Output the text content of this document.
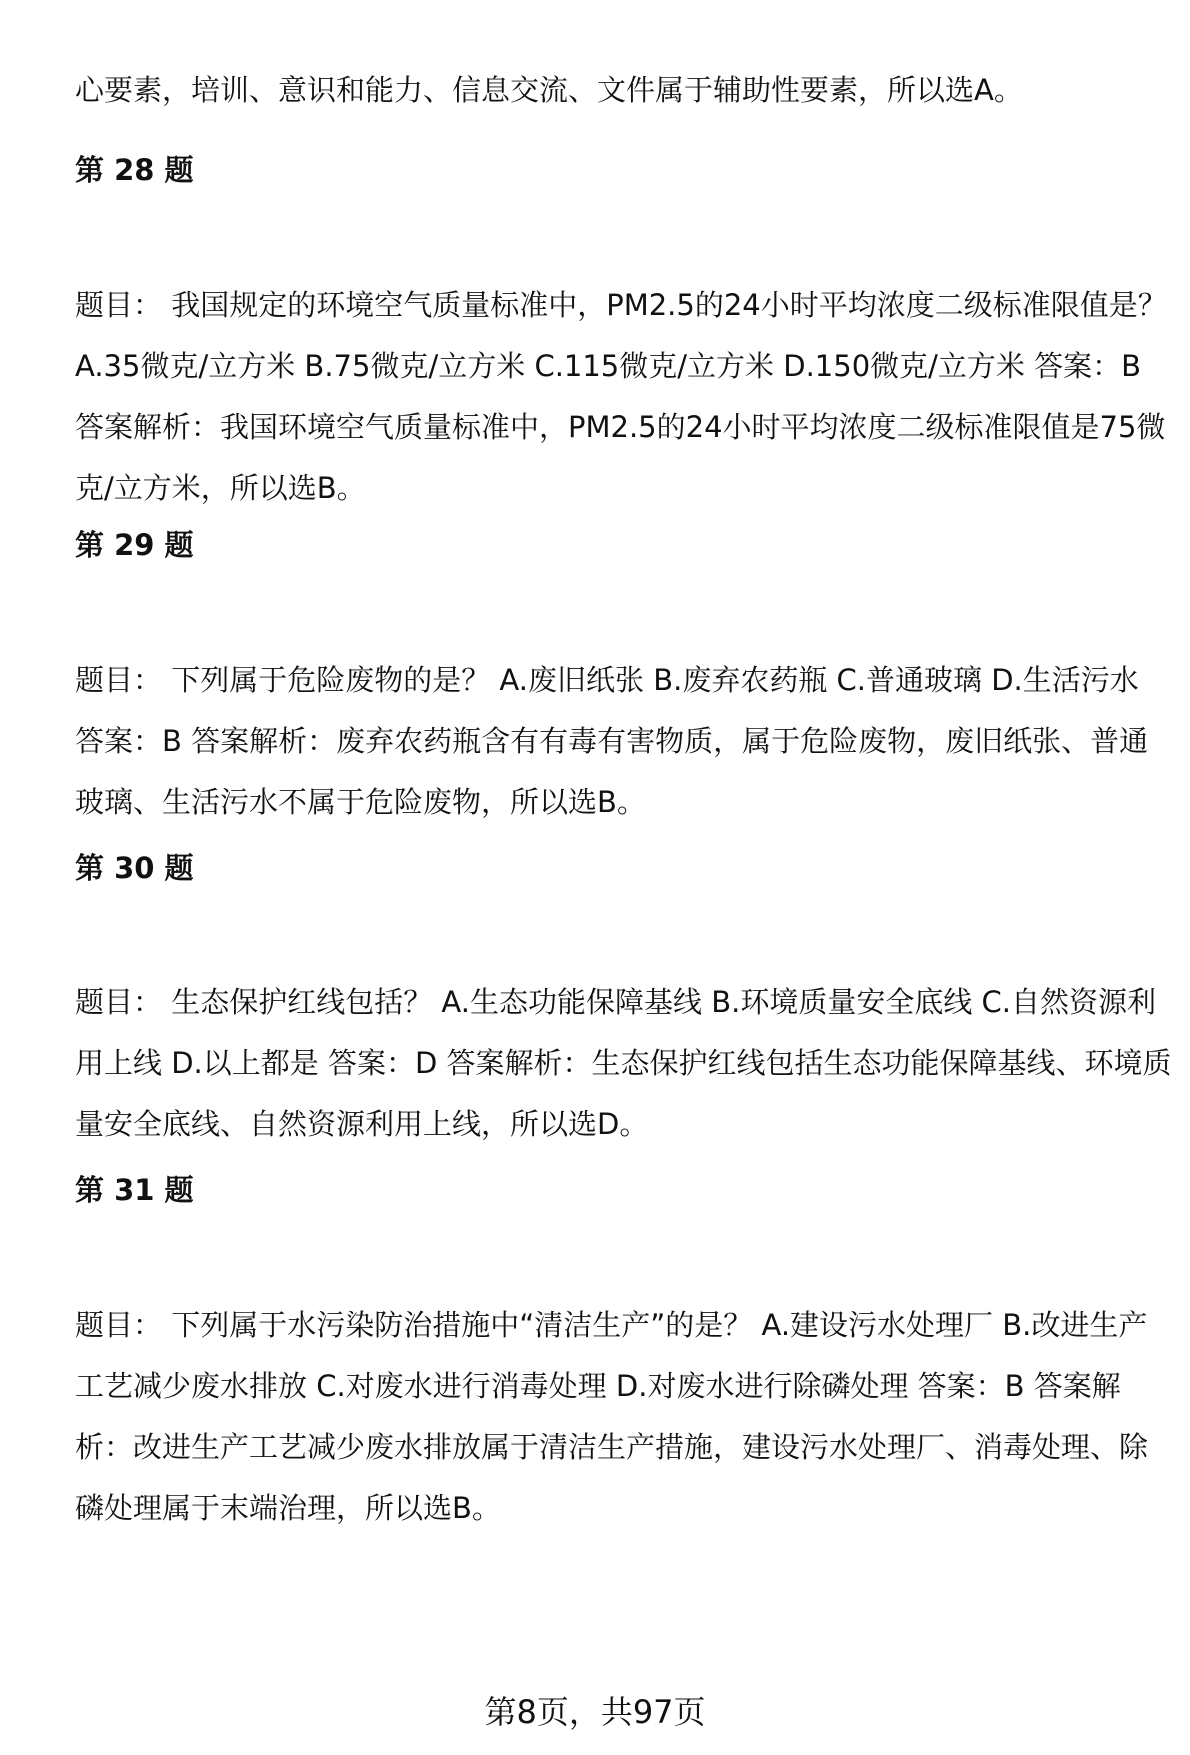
心要素，培训、意识和能力、信息交流、文件属于辅助性要素，所以选A。

第 28 题

题目： 我国规定的环境空气质量标准中，PM2.5的24小时平均浓度二级标准限值是？ A.35微克/立方米 B.75微克/立方米 C.115微克/立方米 D.150微克/立方米 答案：B 答案解析：我国环境空气质量标准中，PM2.5的24小时平均浓度二级标准限值是75微克/立方米，所以选B。

第 29 题

题目： 下列属于危险废物的是？ A.废旧纸张 B.废弃农药瓶 C.普通玻璃 D.生活污水 答案：B 答案解析：废弃农药瓶含有有毒有害物质，属于危险废物，废旧纸张、普通玻璃、生活污水不属于危险废物，所以选B。

第 30 题

题目： 生态保护红线包括？ A.生态功能保障基线 B.环境质量安全底线 C.自然资源利用上线 D.以上都是 答案：D 答案解析：生态保护红线包括生态功能保障基线、环境质量安全底线、自然资源利用上线，所以选D。

第 31 题

题目： 下列属于水污染防治措施中“清洁生产”的是？ A.建设污水处理厂 B.改进生产工艺减少废水排放 C.对废水进行消毒处理 D.对废水进行除磷处理 答案：B 答案解析：改进生产工艺减少废水排放属于清洁生产措施，建设污水处理厂、消毒处理、除磷处理属于末端治理，所以选B。

第8页，共97页
